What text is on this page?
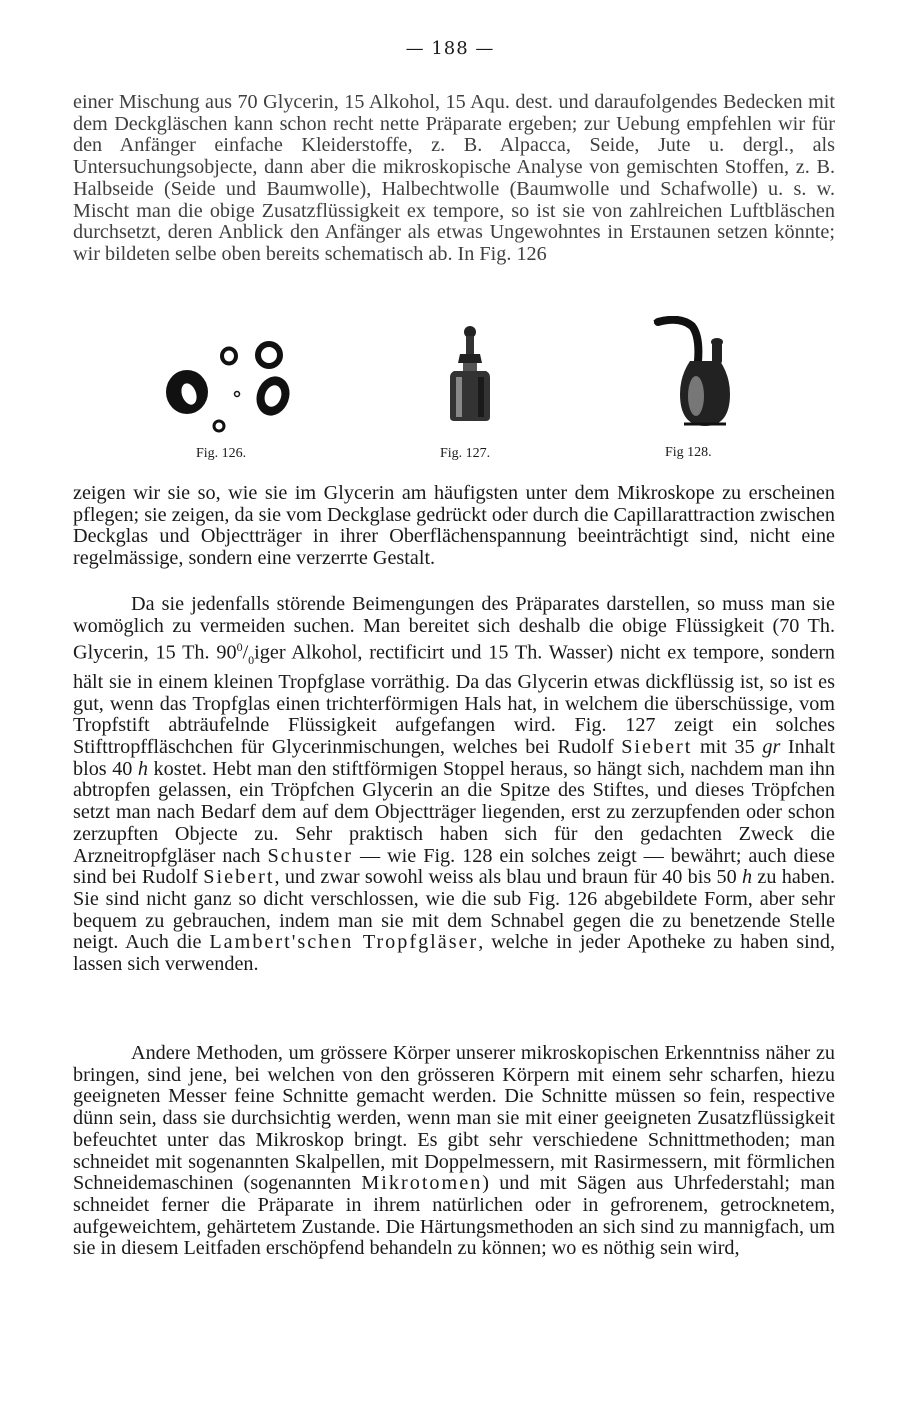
— 188 —

einer Mischung aus 70 Glycerin, 15 Alkohol, 15 Aqu. dest. und daraufolgendes Bedecken mit dem Deckgläschen kann schon recht nette Präparate ergeben; zur Uebung empfehlen wir für den Anfänger einfache Kleiderstoffe, z. B. Alpacca, Seide, Jute u. dergl., als Untersuchungsobjecte, dann aber die mikroskopische Analyse von gemischten Stoffen, z. B. Halbseide (Seide und Baumwolle), Halbechtwolle (Baumwolle und Schafwolle) u. s. w. Mischt man die obige Zusatzflüssigkeit ex tempore, so ist sie von zahlreichen Luftbläschen durchsetzt, deren Anblick den Anfänger als etwas Ungewohntes in Erstaunen setzen könnte; wir bildeten selbe oben bereits schematisch ab. In Fig. 126

Fig. 126.	Fig. 127.	Fig 128.

zeigen wir sie so, wie sie im Glycerin am häufigsten unter dem Mikroskope zu erscheinen pflegen; sie zeigen, da sie vom Deckglase gedrückt oder durch die Capillarattraction zwischen Deckglas und Objectträger in ihrer Oberflächenspannung beeinträchtigt sind, nicht eine regelmässige, sondern eine verzerrte Gestalt.

Da sie jedenfalls störende Beimengungen des Präparates darstellen, so muss man sie womöglich zu vermeiden suchen. Man bereitet sich deshalb die obige Flüssigkeit (70 Th. Glycerin, 15 Th. $90^0/_0iger$ Alkohol, rectificirt und 15 Th. Wasser) nicht ex tempore, sondern hält sie in einem kleinen Tropfglase vorräthig. Da das Glycerin etwas dickflüssig ist, so ist es gut, wenn das Tropfglas einen trichterförmigen Hals hat, in welchem die überschüssige, vom Tropfstift abträufelnde Flüssigkeit aufgefangen wird. Fig. 127 zeigt ein solches Stifttropffläschchen für Glycerinmischungen, welches bei Rudolf Siebert mit 35 gr Inhalt blos 40 h kostet. Hebt man den stiftförmigen Stoppel heraus, so hängt sich, nachdem man ihn abtropfen gelassen, ein Tröpfchen Glycerin an die Spitze des Stiftes, und dieses Tröpfchen setzt man nach Bedarf dem auf dem Objectträger liegenden, erst zu zerzupfenden oder schon zerzupften Objecte zu. Sehr praktisch haben sich für den gedachten Zweck die Arzneitropfgläser nach Schuster — wie Fig. 128 ein solches zeigt — bewährt; auch diese sind bei Rudolf Siebert, und zwar sowohl weiss als blau und braun für 40 bis 50 h zu haben. Sie sind nicht ganz so dicht verschlossen, wie die sub Fig. 126 abgebildete Form, aber sehr bequem zu gebrauchen, indem man sie mit dem Schnabel gegen die zu benetzende Stelle neigt. Auch die Lambert'schen Tropfgläser, welche in jeder Apotheke zu haben sind, lassen sich verwenden.

Andere Methoden, um grössere Körper unserer mikroskopischen Erkenntniss näher zu bringen, sind jene, bei welchen von den grösseren Körpern mit einem sehr scharfen, hiezu geeigneten Messer feine Schnitte gemacht werden. Die Schnitte müssen so fein, respective dünn sein, dass sie durchsichtig werden, wenn man sie mit einer geeigneten Zusatzflüssigkeit befeuchtet unter das Mikroskop bringt. Es gibt sehr verschiedene Schnittmethoden; man schneidet mit sogenannten Skalpellen, mit Doppelmessern, mit Rasirmessern, mit förmlichen Schneidemaschinen (sogenannten Mikrotomen) und mit Sägen aus Uhrfederstahl; man schneidet ferner die Präparate in ihrem natürlichen oder in gefrorenem, getrocknetem, aufgeweichtem, gehärtetem Zustande. Die Härtungsmethoden an sich sind zu mannigfach, um sie in diesem Leitfaden erschöpfend behandeln zu können; wo es nöthig sein wird,
